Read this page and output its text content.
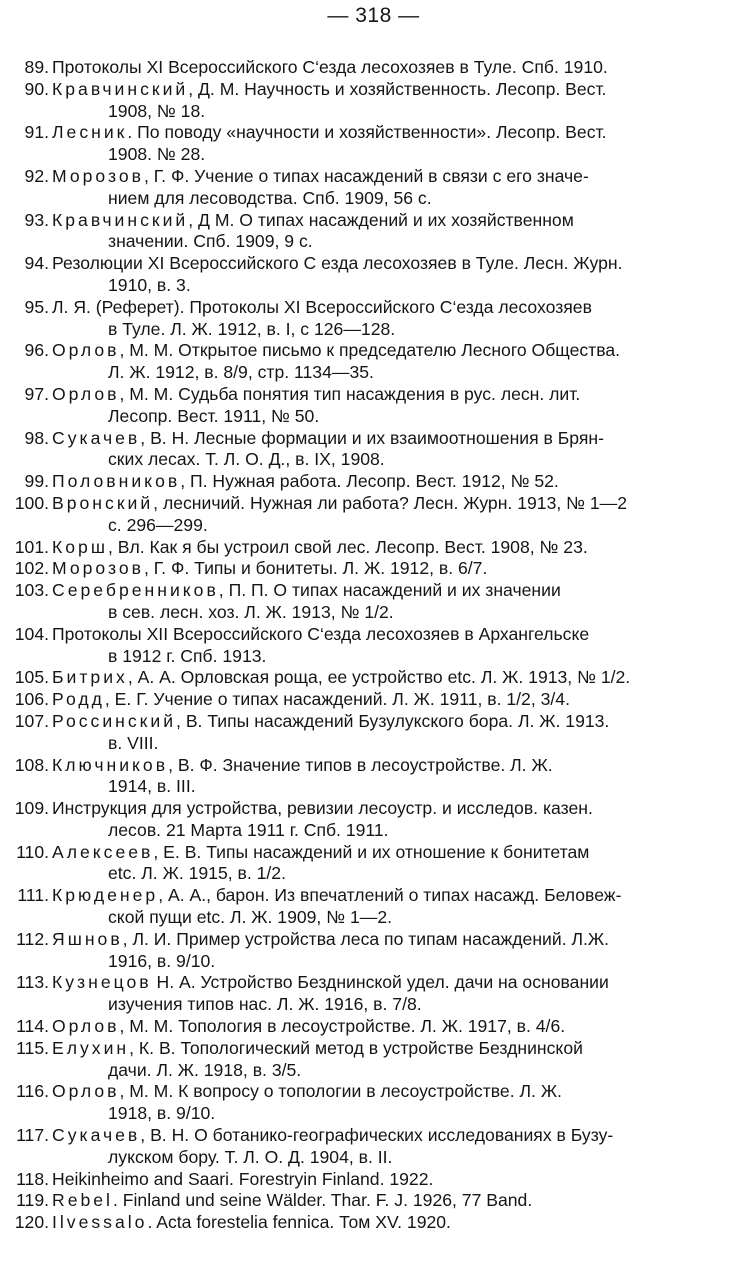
— 318 —
89. Протоколы XI Всероссийского С‘езда лесохозяев в Туле. Спб. 1910.
90. Кравчинский, Д. М. Научность и хозяйственность. Лесопр. Вест.
1908, № 18.
91. Лесник. По поводу «научности и хозяйственности». Лесопр. Вест.
1908. № 28.
92. Морозов, Г. Ф. Учение о типах насаждений в связи с его значе-
нием для лесоводства. Спб. 1909, 56 с.
93. Кравчинский, Д М. О типах насаждений и их хозяйственном
значении. Спб. 1909, 9 с.
94. Резолюции XI Всероссийского С езда лесохозяев в Туле. Лесн. Журн.
1910, в. 3.
95. Л. Я. (Реферет). Протоколы XI Всероссийского С‘езда лесохозяев
в Туле. Л. Ж. 1912, в. I, с 126—128.
96. Орлов, М. М. Открытое письмо к председателю Лесного Общества.
Л. Ж. 1912, в. 8/9, стр. 1134—35.
97. Орлов, М. М. Судьба понятия тип насаждения в рус. лесн. лит.
Лесопр. Вест. 1911, № 50.
98. Сукачев, В. Н. Лесные формации и их взаимоотношения в Брян-
ских лесах. Т. Л. О. Д., в. IX, 1908.
99. Половников, П. Нужная работа. Лесопр. Вест. 1912, № 52.
100. Вронский, лесничий. Нужная ли работа? Лесн. Журн. 1913, № 1—2
с. 296—299.
101. Корш, Вл. Как я бы устроил свой лес. Лесопр. Вест. 1908, № 23.
102. Морозов, Г. Ф. Типы и бонитеты. Л. Ж. 1912, в. 6/7.
103. Серебренников, П. П. О типах насаждений и их значении
в сев. лесн. хоз. Л. Ж. 1913, № 1/2.
104. Протоколы XII Всероссийского С‘езда лесохозяев в Архангельске
в 1912 г. Спб. 1913.
105. Битрих, А. А. Орловская роща, ее устройство etc. Л. Ж. 1913, № 1/2.
106. Родд, Е. Г. Учение о типах насаждений. Л. Ж. 1911, в. 1/2, 3/4.
107. Россинский, В. Типы насаждений Бузулукского бора. Л. Ж. 1913.
в. VIII.
108. Ключников, В. Ф. Значение типов в лесоустройстве. Л. Ж.
1914, в. III.
109. Инструкция для устройства, ревизии лесоустр. и исследов. казен.
лесов. 21 Марта 1911 г. Спб. 1911.
110. Алексеев, Е. В. Типы насаждений и их отношение к бонитетам
etc. Л. Ж. 1915, в. 1/2.
111. Крюденер, А. А., барон. Из впечатлений о типах насажд. Беловеж-
ской пущи etc. Л. Ж. 1909, № 1—2.
112. Яшнов, Л. И. Пример устройства леса по типам насаждений. Л.Ж.
1916, в. 9/10.
113. Кузнецов Н. А. Устройство Безднинской удел. дачи на основании
изучения типов нас. Л. Ж. 1916, в. 7/8.
114. Орлов, М. М. Топология в лесоустройстве. Л. Ж. 1917, в. 4/6.
115. Елухин, К. В. Топологический метод в устройстве Безднинской
дачи. Л. Ж. 1918, в. 3/5.
116. Орлов, М. М. К вопросу о топологии в лесоустройстве. Л. Ж.
1918, в. 9/10.
117. Сукачев, В. Н. О ботанико-географических исследованиях в Бузу-
лукском бору. Т. Л. О. Д. 1904, в. II.
118. Heikinheimo and Saari. Forestryin Finland. 1922.
119. Rebel. Finland und seine Wälder. Thar. F. J. 1926, 77 Band.
120. Ilvessalo. Acta forestelia fennica. Том XV. 1920.
